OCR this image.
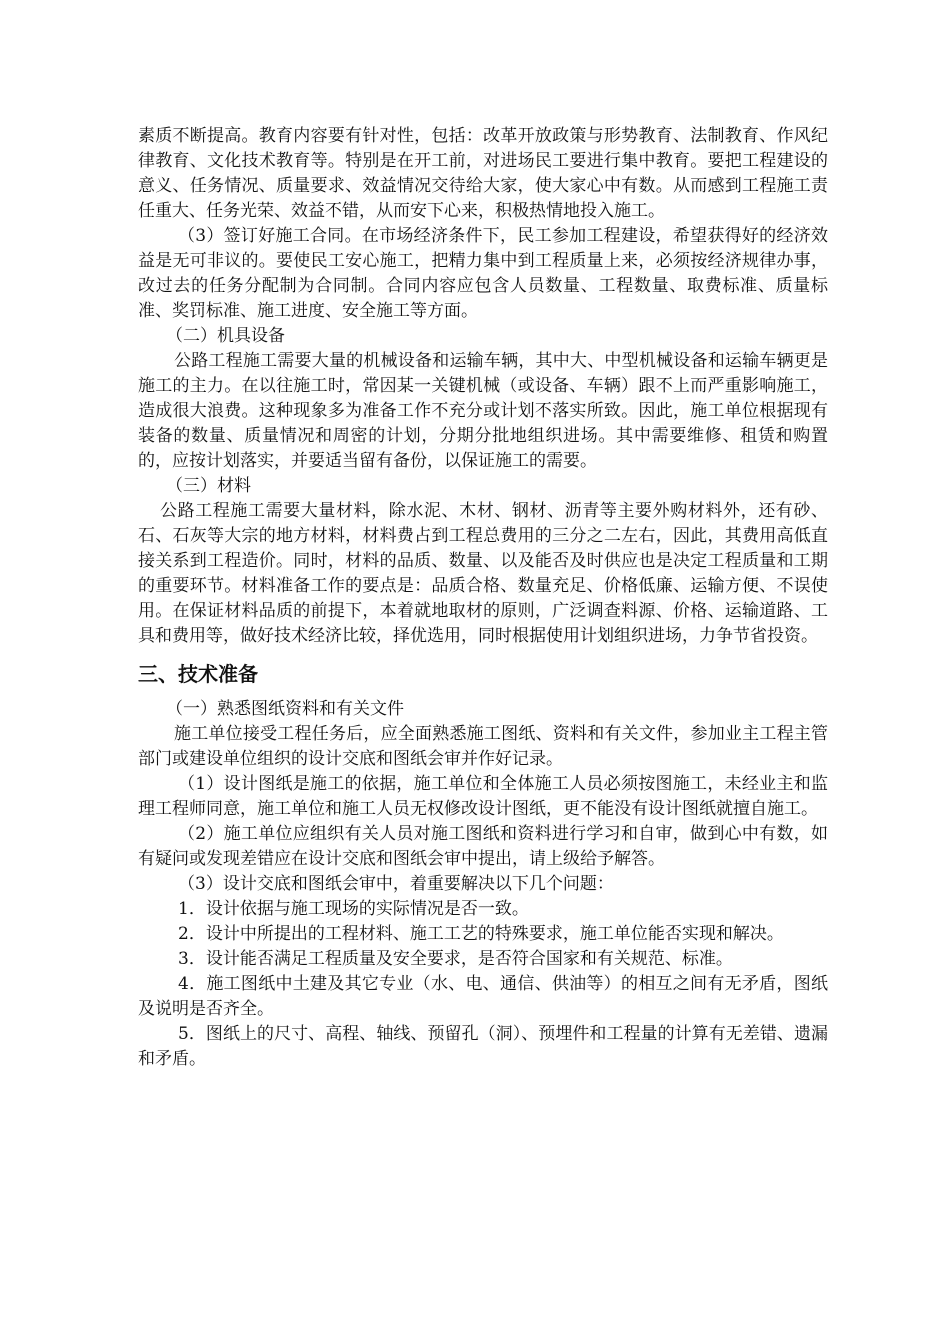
素质不断提高。教育内容要有针对性，包括：改革开放政策与形势教育、法制教育、作风纪律教育、文化技术教育等。特别是在开工前，对进场民工要进行集中教育。要把工程建设的意义、任务情况、质量要求、效益情况交待给大家，使大家心中有数。从而感到工程施工责任重大、任务光荣、效益不错，从而安下心来，积极热情地投入施工。

（3）签订好施工合同。在市场经济条件下，民工参加工程建设，希望获得好的经济效益是无可非议的。要使民工安心施工，把精力集中到工程质量上来，必须按经济规律办事，改过去的任务分配制为合同制。合同内容应包含人员数量、工程数量、取费标准、质量标准、奖罚标准、施工进度、安全施工等方面。

（二）机具设备

公路工程施工需要大量的机械设备和运输车辆，其中大、中型机械设备和运输车辆更是施工的主力。在以往施工时，常因某一关键机械（或设备、车辆）跟不上而严重影响施工，造成很大浪费。这种现象多为准备工作不充分或计划不落实所致。因此，施工单位根据现有装备的数量、质量情况和周密的计划，分期分批地组织进场。其中需要维修、租赁和购置的，应按计划落实，并要适当留有备份，以保证施工的需要。

（三）材料

公路工程施工需要大量材料，除水泥、木材、钢材、沥青等主要外购材料外，还有砂、石、石灰等大宗的地方材料，材料费占到工程总费用的三分之二左右，因此，其费用高低直接关系到工程造价。同时，材料的品质、数量、以及能否及时供应也是决定工程质量和工期的重要环节。材料准备工作的要点是：品质合格、数量充足、价格低廉、运输方便、不误使用。在保证材料品质的前提下，本着就地取材的原则，广泛调查料源、价格、运输道路、工具和费用等，做好技术经济比较，择优选用，同时根据使用计划组织进场，力争节省投资。

三、技术准备

（一）熟悉图纸资料和有关文件

施工单位接受工程任务后，应全面熟悉施工图纸、资料和有关文件，参加业主工程主管部门或建设单位组织的设计交底和图纸会审并作好记录。

（1）设计图纸是施工的依据，施工单位和全体施工人员必须按图施工，未经业主和监理工程师同意，施工单位和施工人员无权修改设计图纸，更不能没有设计图纸就擅自施工。

（2）施工单位应组织有关人员对施工图纸和资料进行学习和自审，做到心中有数，如有疑问或发现差错应在设计交底和图纸会审中提出，请上级给予解答。

（3）设计交底和图纸会审中，着重要解决以下几个问题：

1．设计依据与施工现场的实际情况是否一致。

2．设计中所提出的工程材料、施工工艺的特殊要求，施工单位能否实现和解决。

3．设计能否满足工程质量及安全要求，是否符合国家和有关规范、标准。

4．施工图纸中土建及其它专业（水、电、通信、供油等）的相互之间有无矛盾，图纸及说明是否齐全。

5．图纸上的尺寸、高程、轴线、预留孔（洞）、预埋件和工程量的计算有无差错、遗漏和矛盾。
